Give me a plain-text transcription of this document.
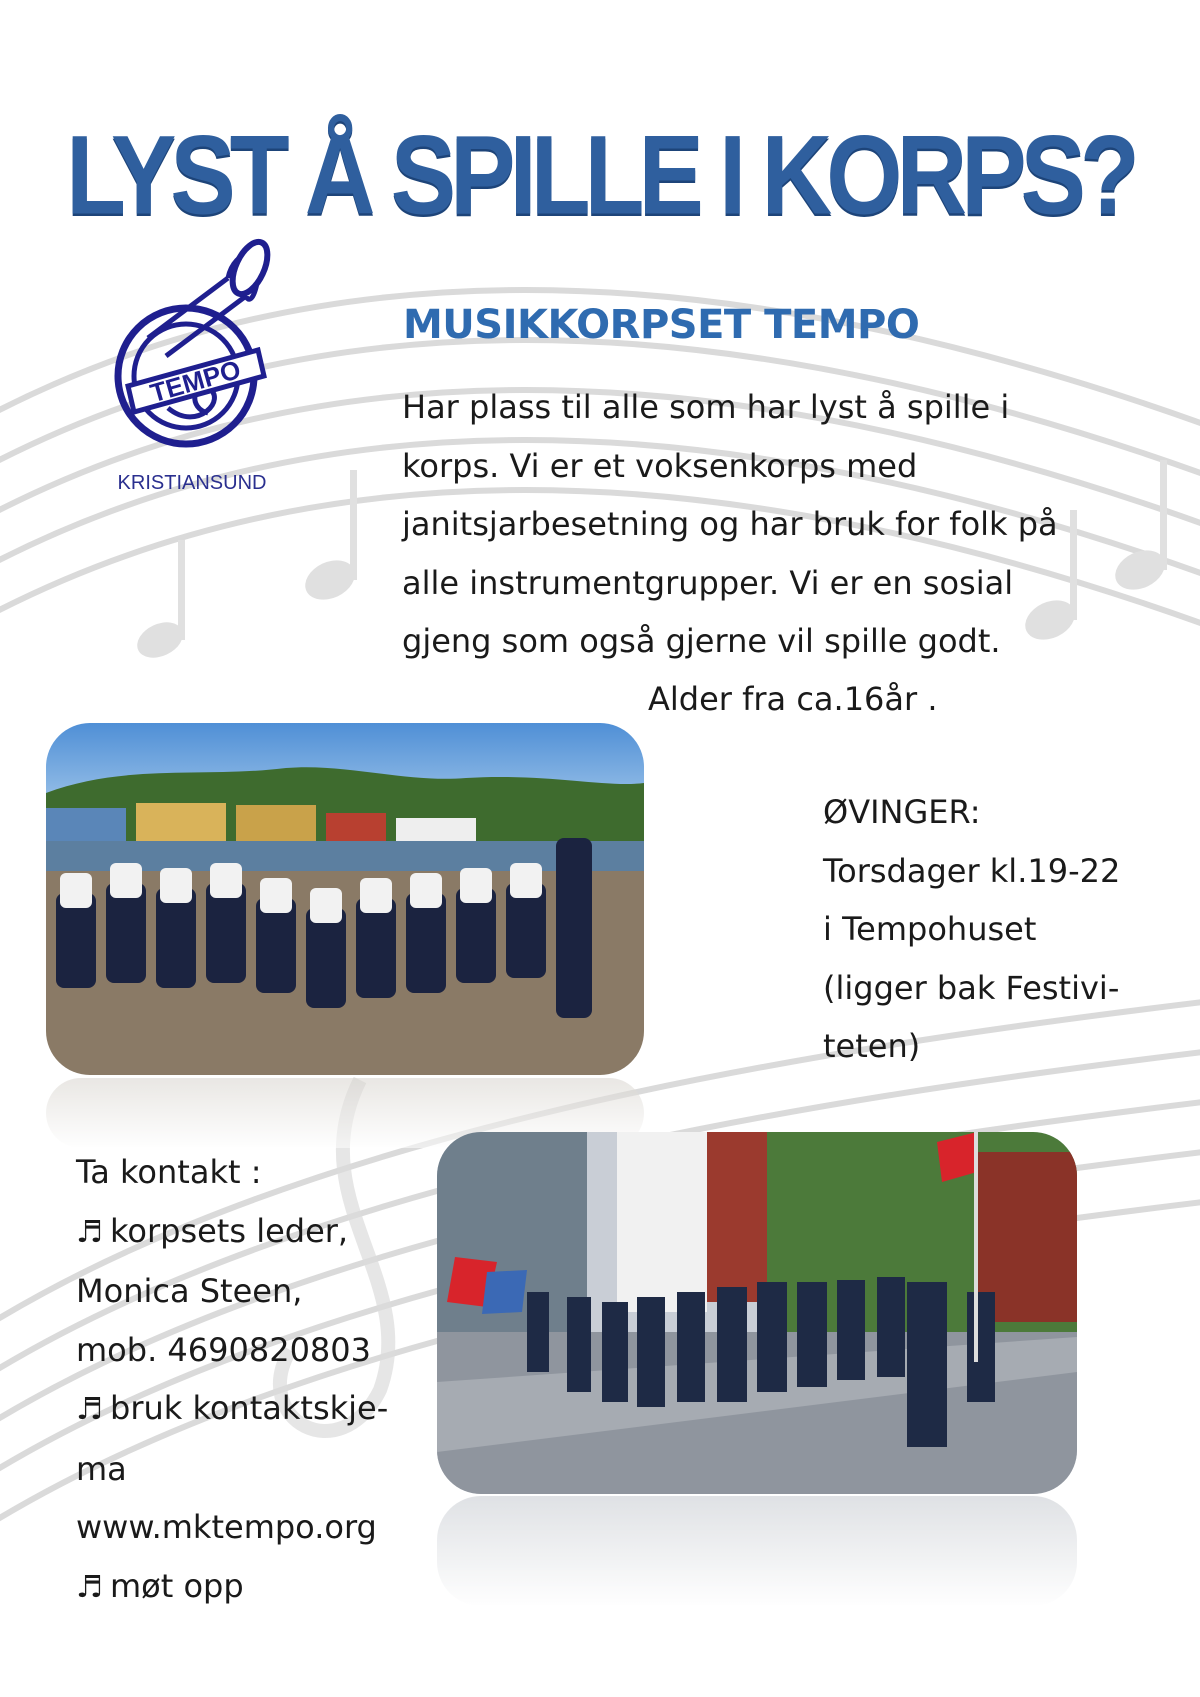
LYST Å SPILLE I KORPS?
TEMPO
KRISTIANSUND
MUSIKKORPSET TEMPO
Har plass til alle som har lyst å spille i
korps. Vi er et voksenkorps med
janitsjarbesetning og har bruk for folk på
alle instrumentgrupper. Vi er en sosial
gjeng som også gjerne vil spille godt.
Alder fra ca.16år .
ØVINGER:
Torsdager kl.19-22
i Tempohuset
(ligger bak Festivi-
teten)
Ta kontakt :
♬ korpsets leder,
Monica Steen,
mob. 4690820803
♬ bruk kontaktskje-
ma
www.mktempo.org
♬ møt opp
